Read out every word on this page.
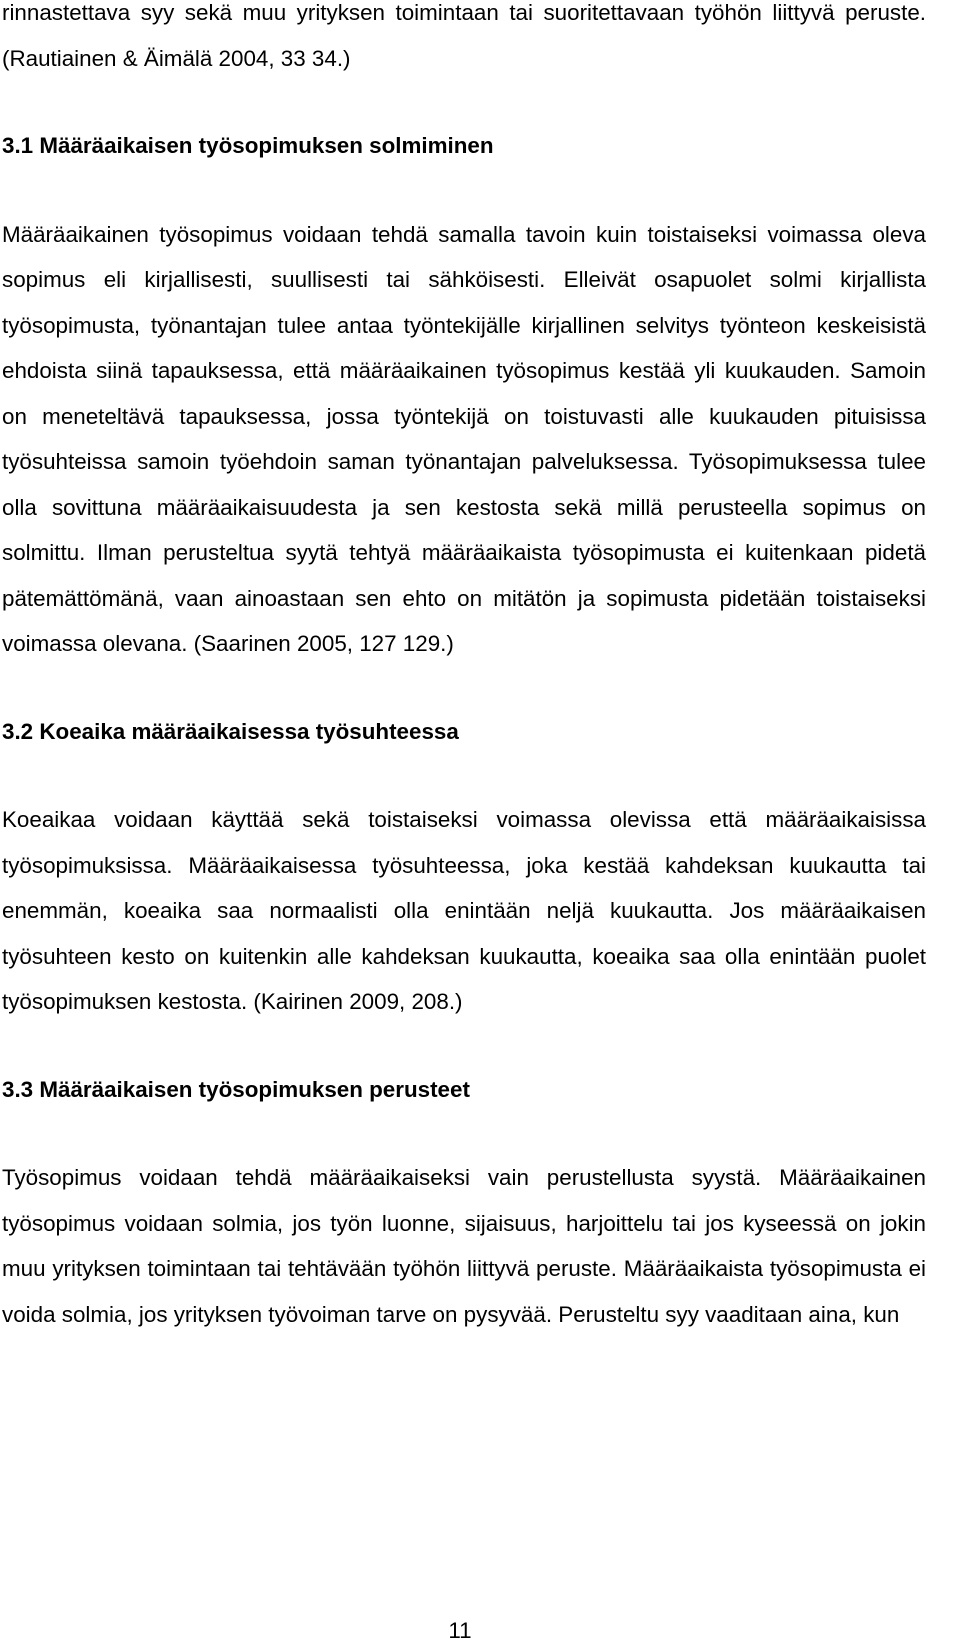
rinnastettava syy sekä muu yrityksen toimintaan tai suoritettavaan työhön liittyvä peruste. (Rautiainen & Äimälä 2004, 33 34.)

3.1 Määräaikaisen työsopimuksen solmiminen

Määräaikainen työsopimus voidaan tehdä samalla tavoin kuin toistaiseksi voimassa oleva sopimus eli kirjallisesti, suullisesti tai sähköisesti. Elleivät osapuolet solmi kirjallista työsopimusta, työnantajan tulee antaa työntekijälle kirjallinen selvitys työnteon keskeisistä ehdoista siinä tapauksessa, että määräaikainen työsopimus kestää yli kuukauden. Samoin on meneteltävä tapauksessa, jossa työntekijä on toistuvasti alle kuukauden pituisissa työsuhteissa samoin työehdoin saman työnantajan palveluksessa. Työsopimuksessa tulee olla sovittuna määräaikaisuudesta ja sen kestosta sekä millä perusteella sopimus on solmittu. Ilman perusteltua syytä tehtyä määräaikaista työsopimusta ei kuitenkaan pidetä pätemättömänä, vaan ainoastaan sen ehto on mitätön ja sopimusta pidetään toistaiseksi voimassa olevana. (Saarinen 2005, 127 129.)

3.2 Koeaika määräaikaisessa työsuhteessa

Koeaikaa voidaan käyttää sekä toistaiseksi voimassa olevissa että määräaikaisissa työsopimuksissa. Määräaikaisessa työsuhteessa, joka kestää kahdeksan kuukautta tai enemmän, koeaika saa normaalisti olla enintään neljä kuukautta. Jos määräaikaisen työsuhteen kesto on kuitenkin alle kahdeksan kuukautta, koeaika saa olla enintään puolet työsopimuksen kestosta. (Kairinen 2009, 208.)

3.3 Määräaikaisen työsopimuksen perusteet

Työsopimus voidaan tehdä määräaikaiseksi vain perustellusta syystä. Määräaikainen työsopimus voidaan solmia, jos työn luonne, sijaisuus, harjoittelu tai jos kyseessä on jokin muu yrityksen toimintaan tai tehtävään työhön liittyvä peruste. Määräaikaista työsopimusta ei voida solmia, jos yrityksen työvoiman tarve on pysyvää. Perusteltu syy vaaditaan aina, kun

11
